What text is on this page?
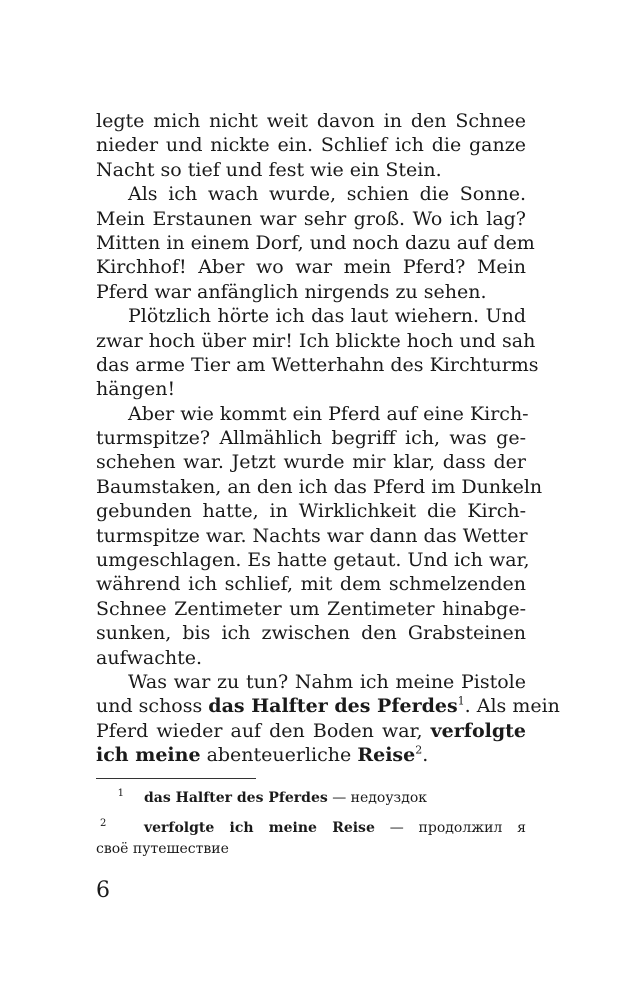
legte mich nicht weit davon in den Schnee
nieder und nickte ein. Schlief ich die ganze
Nacht so tief und fest wie ein Stein.
Als ich wach wurde, schien die Sonne.
Mein Erstaunen war sehr groß. Wo ich lag?
Mitten in einem Dorf, und noch dazu auf dem
Kirchhof! Aber wo war mein Pferd? Mein
Pferd war anfänglich nirgends zu sehen.
Plötzlich hörte ich das laut wiehern. Und
zwar hoch über mir! Ich blickte hoch und sah
das arme Tier am Wetterhahn des Kirchturms
hängen!
Aber wie kommt ein Pferd auf eine Kirch-
turmspitze? Allmählich begriff ich, was ge-
schehen war. Jetzt wurde mir klar, dass der
Baumstaken, an den ich das Pferd im Dunkeln
gebunden hatte, in Wirklichkeit die Kirch-
turmspitze war. Nachts war dann das Wetter
umgeschlagen. Es hatte getaut. Und ich war,
während ich schlief, mit dem schmelzenden
Schnee Zentimeter um Zentimeter hinabge-
sunken, bis ich zwischen den Grabsteinen
aufwachte.
Was war zu tun? Nahm ich meine Pistole
und schoss das Halfter des Pferdes$^1$. Als mein
Pferd wieder auf den Boden war, verfolgte
ich meine abenteuerliche Reise$^2$.
1 das Halfter des Pferdes — недоуздок
2	verfolgte ich meine Reise — продолжил я
своё путешествие
6
